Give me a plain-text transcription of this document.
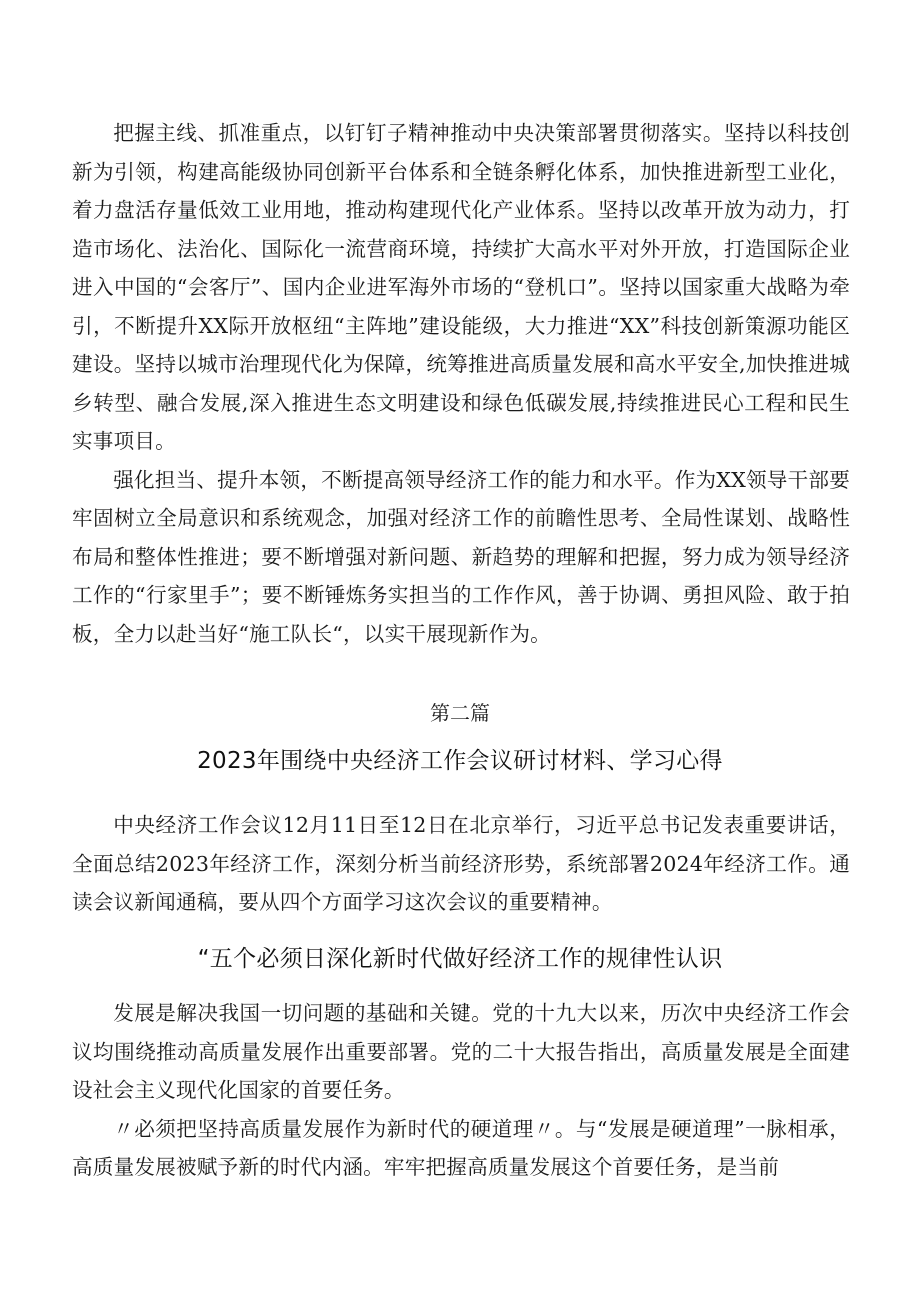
把握主线、抓准重点，以钉钉子精神推动中央决策部署贯彻落实。坚持以科技创新为引领，构建高能级协同创新平台体系和全链条孵化体系，加快推进新型工业化，着力盘活存量低效工业用地，推动构建现代化产业体系。坚持以改革开放为动力，打造市场化、法治化、国际化一流营商环境，持续扩大高水平对外开放，打造国际企业进入中国的“会客厅”、国内企业进军海外市场的“登机口”。坚持以国家重大战略为牵引，不断提升XX际开放枢纽“主阵地”建设能级，大力推进“XX”科技创新策源功能区建设。坚持以城市治理现代化为保障，统筹推进高质量发展和高水平安全,加快推进城乡转型、融合发展,深入推进生态文明建设和绿色低碳发展,持续推进民心工程和民生实事项目。

强化担当、提升本领，不断提高领导经济工作的能力和水平。作为XX领导干部要牢固树立全局意识和系统观念，加强对经济工作的前瞻性思考、全局性谋划、战略性布局和整体性推进；要不断增强对新问题、新趋势的理解和把握，努力成为领导经济工作的“行家里手”；要不断锤炼务实担当的工作作风，善于协调、勇担风险、敢于拍板，全力以赴当好“施工队长“，以实干展现新作为。

第二篇

2023年围绕中央经济工作会议研讨材料、学习心得

中央经济工作会议12月11日至12日在北京举行，习近平总书记发表重要讲话，全面总结2023年经济工作，深刻分析当前经济形势，系统部署2024年经济工作。通读会议新闻通稿，要从四个方面学习这次会议的重要精神。

“五个必须日深化新时代做好经济工作的规律性认识

发展是解决我国一切问题的基础和关键。党的十九大以来，历次中央经济工作会议均围绕推动高质量发展作出重要部署。党的二十大报告指出，高质量发展是全面建设社会主义现代化国家的首要任务。

〃必须把坚持高质量发展作为新时代的硬道理〃。与“发展是硬道理”一脉相承，高质量发展被赋予新的时代内涵。牢牢把握高质量发展这个首要任务，是当前
